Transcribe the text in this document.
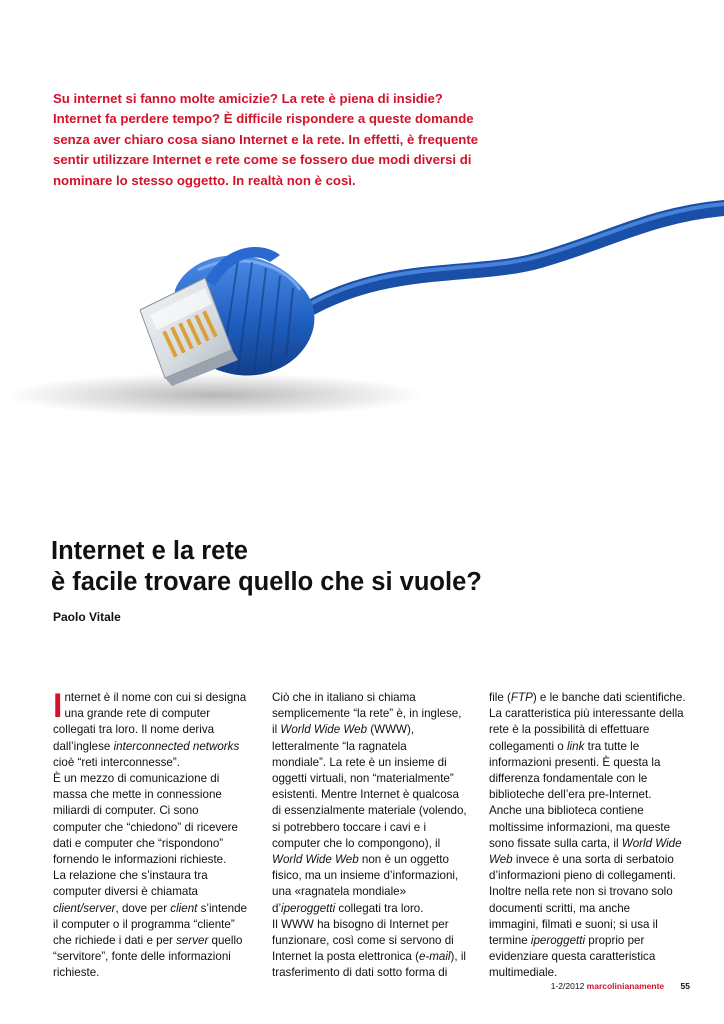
Su internet si fanno molte amicizie? La rete è piena di insidie?

Internet fa perdere tempo? È difficile rispondere a queste domande

senza aver chiaro cosa siano Internet e la rete. In effetti, è frequente

sentir utilizzare Internet e rete come se fossero due modi diversi di

nominare lo stesso oggetto. In realtà non è così.

Internet e la rete
è facile trovare quello che si vuole?
Paolo Vitale

Internet è il nome con cui si designa

una grande rete di computer

collegati tra loro. Il nome deriva

dall’inglese interconnected networks

cioè “reti interconnesse”.

È un mezzo di comunicazione di

massa che mette in connessione

miliardi di computer. Ci sono

computer che “chiedono” di ricevere

dati e computer che “rispondono”

fornendo le informazioni richieste.

La relazione che s’instaura tra

computer diversi è chiamata

client/server, dove per client s’intende

il computer o il programma “cliente”

che richiede i dati e per server quello

“servitore”, fonte delle informazioni

richieste.

Ciò che in italiano si chiama

semplicemente “la rete” è, in inglese,

il World Wide Web (WWW),

letteralmente “la ragnatela

mondiale”. La rete è un insieme di

oggetti virtuali, non “materialmente”

esistenti. Mentre Internet è qualcosa

di essenzialmente materiale (volendo,

si potrebbero toccare i cavi e i

computer che lo compongono), il

World Wide Web non è un oggetto

fisico, ma un insieme d’informazioni,

una «ragnatela mondiale»

d’iperoggetti collegati tra loro.

Il WWW ha bisogno di Internet per

funzionare, così come si servono di

Internet la posta elettronica (e-mail), il

trasferimento di dati sotto forma di

file (FTP) e le banche dati scientifiche.

La caratteristica più interessante della

rete è la possibilità di effettuare

collegamenti o link tra tutte le

informazioni presenti. È questa la

differenza fondamentale con le

biblioteche dell’era pre-Internet.

Anche una biblioteca contiene

moltissime informazioni, ma queste

sono fissate sulla carta, il World Wide

Web invece è una sorta di serbatoio

d’informazioni pieno di collegamenti.

Inoltre nella rete non si trovano solo

documenti scritti, ma anche

immagini, filmati e suoni; si usa il

termine iperoggetti proprio per

evidenziare questa caratteristica

multimediale.

1-2/2012 marcolinianamente 55
